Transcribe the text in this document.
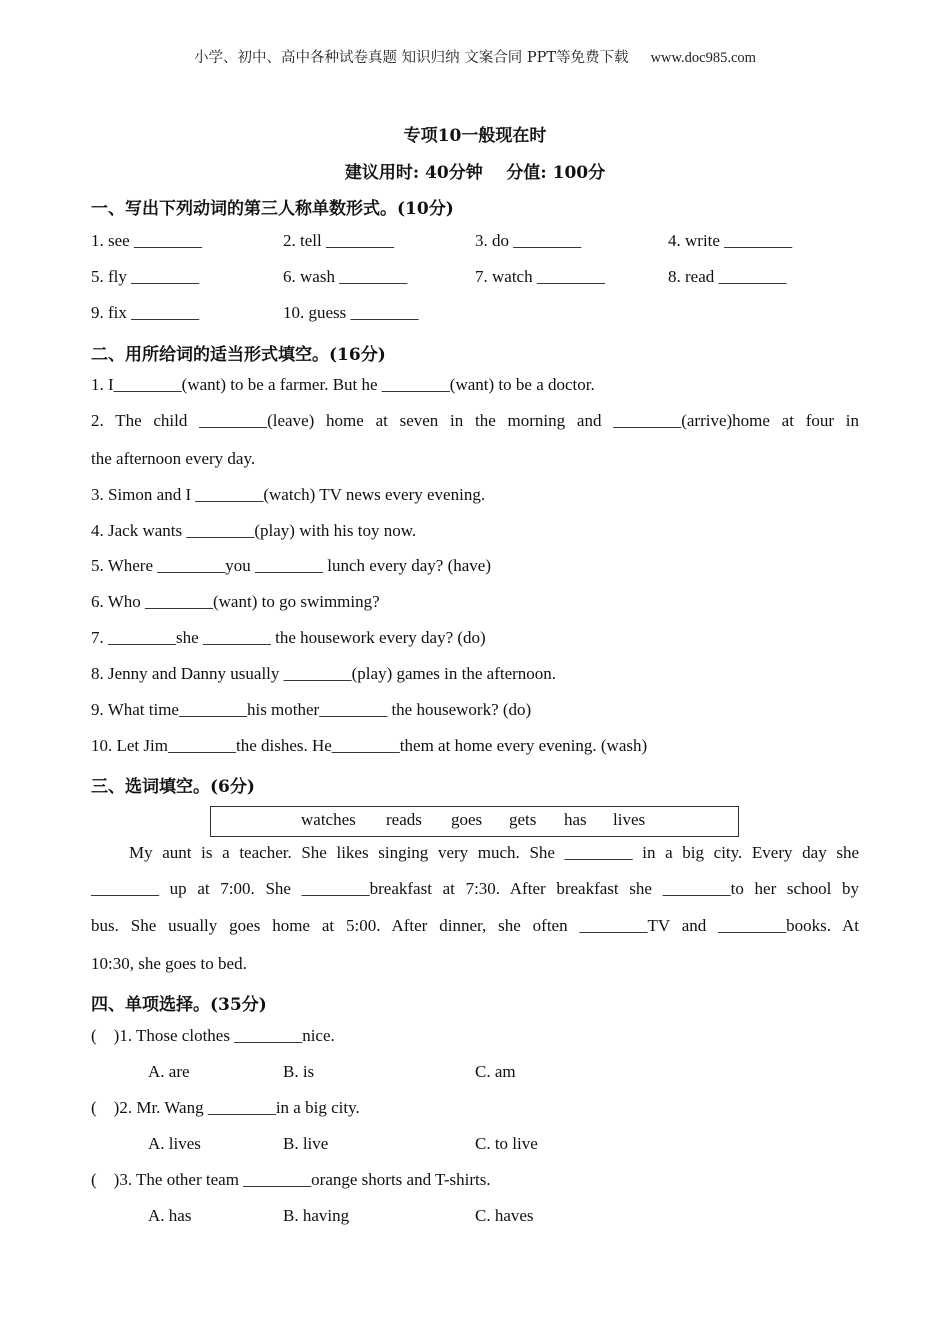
小学、初中、高中各种试卷真题 知识归纳 文案合同 PPT等免费下载 www.doc985.com
专项10一般现在时
建议用时: 40分钟    分值: 100分
一、写出下列动词的第三人称单数形式。(10分)
1. see ________	2. tell ________	3. do ________	4. write ________
5. fly ________	6. wash ________	7. watch ________	8. read ________
9. fix ________	10. guess ________
二、用所给词的适当形式填空。(16分)
1. I________(want) to be a farmer. But he ________(want) to be a doctor.
2. The child ________(leave) home at seven in the morning and ________(arrive)home at four in
the afternoon every day.
3. Simon and I ________(watch) TV news every evening.
4. Jack wants ________(play) with his toy now.
5. Where ________you ________ lunch every day? (have)
6. Who ________(want) to go swimming?
7. ________she ________ the housework every day? (do)
8. Jenny and Danny usually ________(play) games in the afternoon.
9. What time________his mother________ the housework? (do)
10. Let Jim________the dishes. He________them at home every evening. (wash)
三、选词填空。(6分)
watches reads goes gets has lives
My aunt is a teacher. She likes singing very much. She ________ in a big city. Every day she
________ up at 7:00. She ________breakfast at 7:30. After breakfast she ________to her school by
bus. She usually goes home at 5:00. After dinner, she often ________TV and ________books. At
10:30, she goes to bed.
四、单项选择。(35分)
(    )1. Those clothes ________nice.
A. are	B. is	C. am
(    )2. Mr. Wang ________in a big city.
A. lives	B. live	C. to live
(    )3. The other team ________orange shorts and T-shirts.
A. has	B. having	C. haves
